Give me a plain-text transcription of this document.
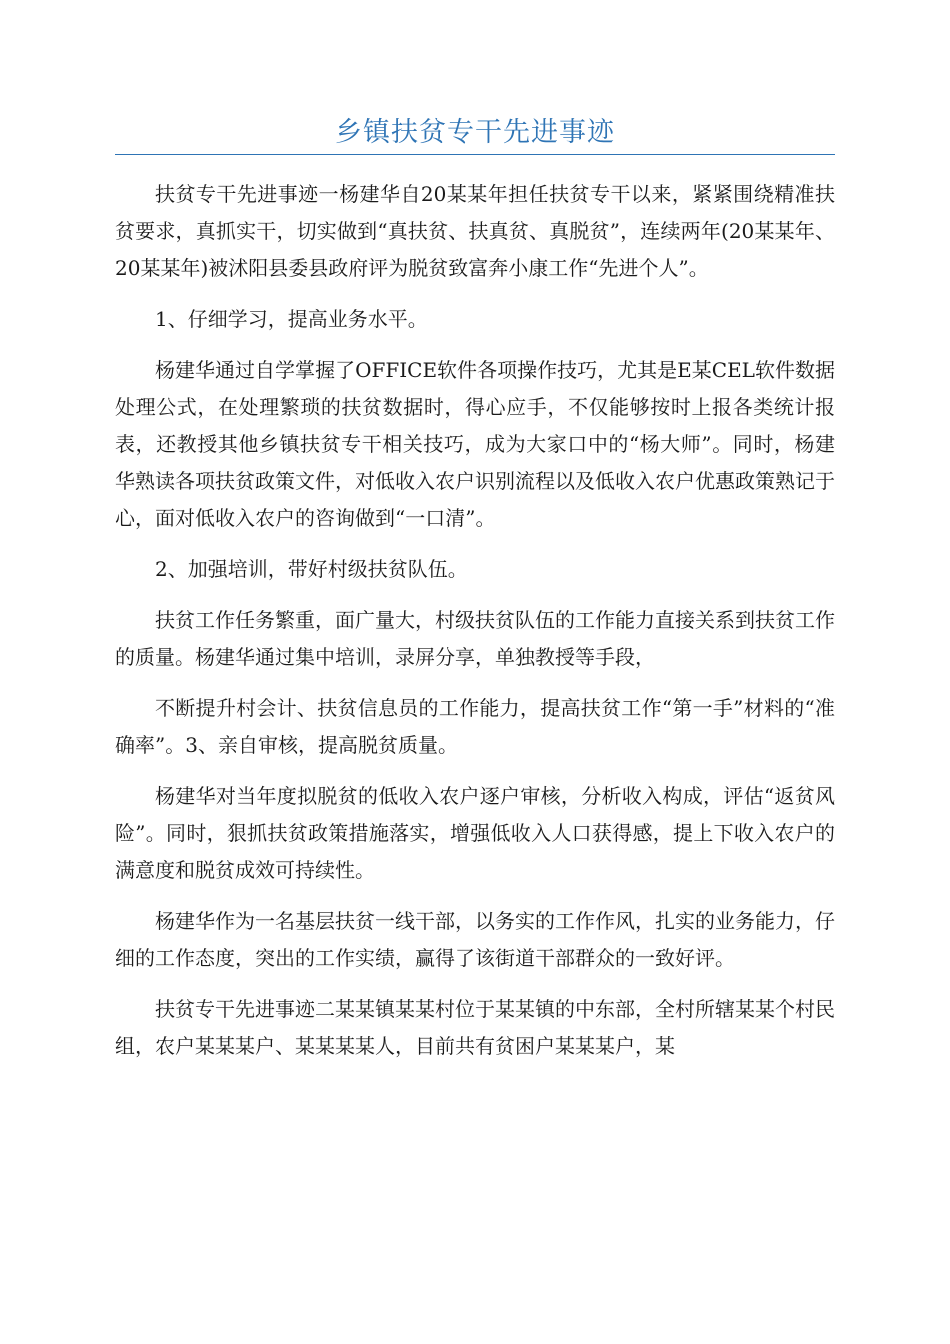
乡镇扶贫专干先进事迹

扶贫专干先进事迹一杨建华自20某某年担任扶贫专干以来，紧紧围绕精准扶贫要求，真抓实干，切实做到“真扶贫、扶真贫、真脱贫”，连续两年(20某某年、20某某年)被沭阳县委县政府评为脱贫致富奔小康工作“先进个人”。

1、仔细学习，提高业务水平。

杨建华通过自学掌握了OFFICE软件各项操作技巧，尤其是E某CEL软件数据处理公式，在处理繁琐的扶贫数据时，得心应手，不仅能够按时上报各类统计报表，还教授其他乡镇扶贫专干相关技巧，成为大家口中的“杨大师”。同时，杨建华熟读各项扶贫政策文件，对低收入农户识别流程以及低收入农户优惠政策熟记于心，面对低收入农户的咨询做到“一口清”。

2、加强培训，带好村级扶贫队伍。

扶贫工作任务繁重，面广量大，村级扶贫队伍的工作能力直接关系到扶贫工作的质量。杨建华通过集中培训，录屏分享，单独教授等手段，

不断提升村会计、扶贫信息员的工作能力，提高扶贫工作“第一手”材料的“准确率”。3、亲自审核，提高脱贫质量。

杨建华对当年度拟脱贫的低收入农户逐户审核，分析收入构成，评估“返贫风险”。同时，狠抓扶贫政策措施落实，增强低收入人口获得感，提上下收入农户的满意度和脱贫成效可持续性。

杨建华作为一名基层扶贫一线干部，以务实的工作作风，扎实的业务能力，仔细的工作态度，突出的工作实绩，赢得了该街道干部群众的一致好评。

扶贫专干先进事迹二某某镇某某村位于某某镇的中东部，全村所辖某某个村民组，农户某某某户、某某某某人，目前共有贫困户某某某户，某
